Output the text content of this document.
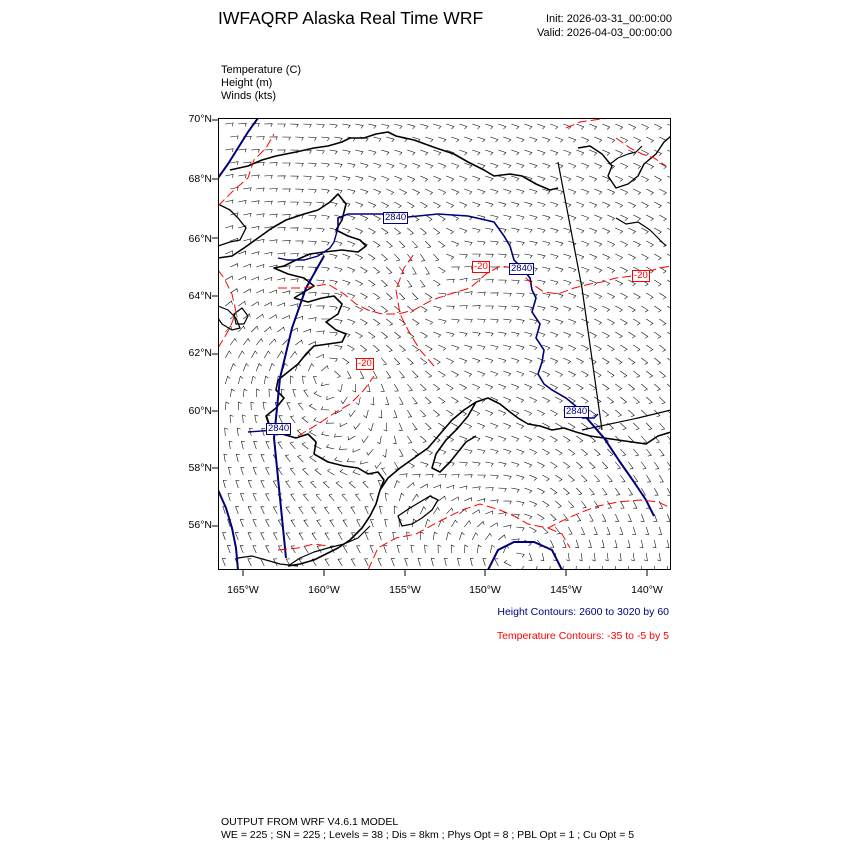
IWFAQRP Alaska Real Time WRF	Init: 2026-03-31_00:00:00
Valid: 2026-04-03_00:00:00
Temperature (C)
Height (m)
Winds (kts)
70°N
68°N
66°N
64°N
62°N
60°N
58°N
56°N
165°W	160°W	155°W	150°W	145°W	140°W
2840
2840
2840
2840
-20
-20
-20
Height Contours: 2600 to 3020 by 60
Temperature Contours: -35 to -5 by 5
OUTPUT FROM WRF V4.6.1 MODEL
WE = 225 ; SN = 225 ; Levels = 38 ; Dis = 8km ; Phys Opt = 8 ; PBL Opt = 1 ; Cu Opt = 5
